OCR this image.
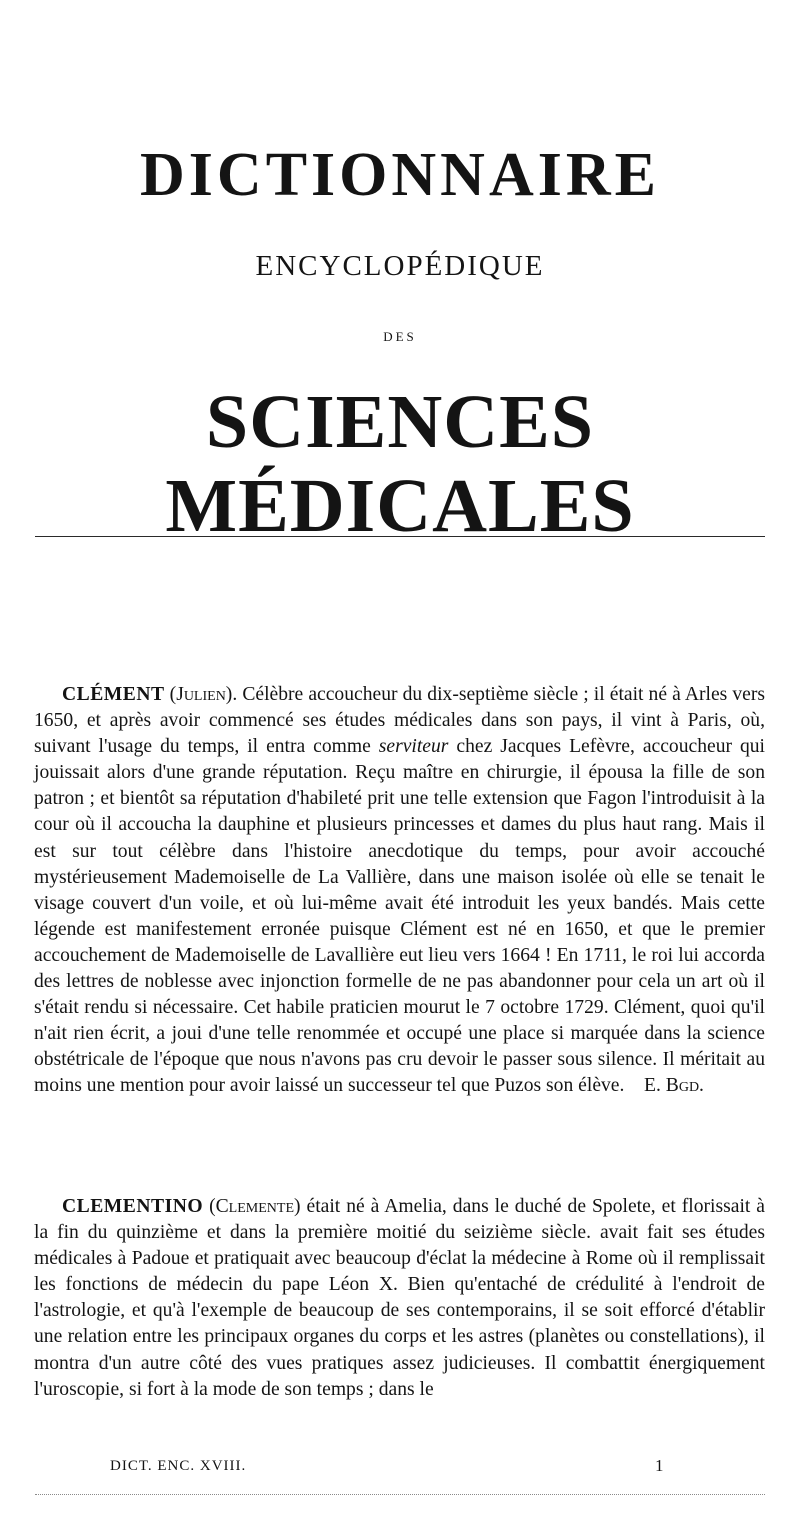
DICTIONNAIRE
ENCYCLOPÉDIQUE
DES
SCIENCES MÉDICALES

CLÉMENT (Julien). Célèbre accoucheur du dix-septième siècle ; il était né à Arles vers 1650, et après avoir commencé ses études médicales dans son pays, il vint à Paris, où, suivant l'usage du temps, il entra comme serviteur chez Jacques Lefèvre, accoucheur qui jouissait alors d'une grande réputation. Reçu maître en chirurgie, il épousa la fille de son patron ; et bientôt sa réputation d'habileté prit une telle extension que Fagon l'introduisit à la cour où il accoucha la dauphine et plusieurs princesses et dames du plus haut rang. Mais il est sur tout célèbre dans l'histoire anecdotique du temps, pour avoir accouché mystérieusement Mademoiselle de La Vallière, dans une maison isolée où elle se tenait le visage couvert d'un voile, et où lui-même avait été introduit les yeux bandés. Mais cette légende est manifestement erronée puisque Clément est né en 1650, et que le premier accouchement de Mademoiselle de Lavallière eut lieu vers 1664 ! En 1711, le roi lui accorda des lettres de noblesse avec injonction formelle de ne pas abandonner pour cela un art où il s'était rendu si nécessaire. Cet habile praticien mourut le 7 octobre 1729. Clément, quoi qu'il n'ait rien écrit, a joui d'une telle renommée et occupé une place si marquée dans la science obstétricale de l'époque que nous n'avons pas cru devoir le passer sous silence. Il méritait au moins une mention pour avoir laissé un successeur tel que Puzos son élève. E. Bgd.

CLEMENTINO (Clemente) était né à Amelia, dans le duché de Spolete, et florissait à la fin du quinzième et dans la première moitié du seizième siècle. avait fait ses études médicales à Padoue et pratiquait avec beaucoup d'éclat la médecine à Rome où il remplissait les fonctions de médecin du pape Léon X. Bien qu'entaché de crédulité à l'endroit de l'astrologie, et qu'à l'exemple de beaucoup de ses contemporains, il se soit efforcé d'établir une relation entre les principaux organes du corps et les astres (planètes ou constellations), il montra d'un autre côté des vues pratiques assez judicieuses. Il combattit énergiquement l'uroscopie, si fort à la mode de son temps ; dans le

DICT. ENC. XVIII.	1
